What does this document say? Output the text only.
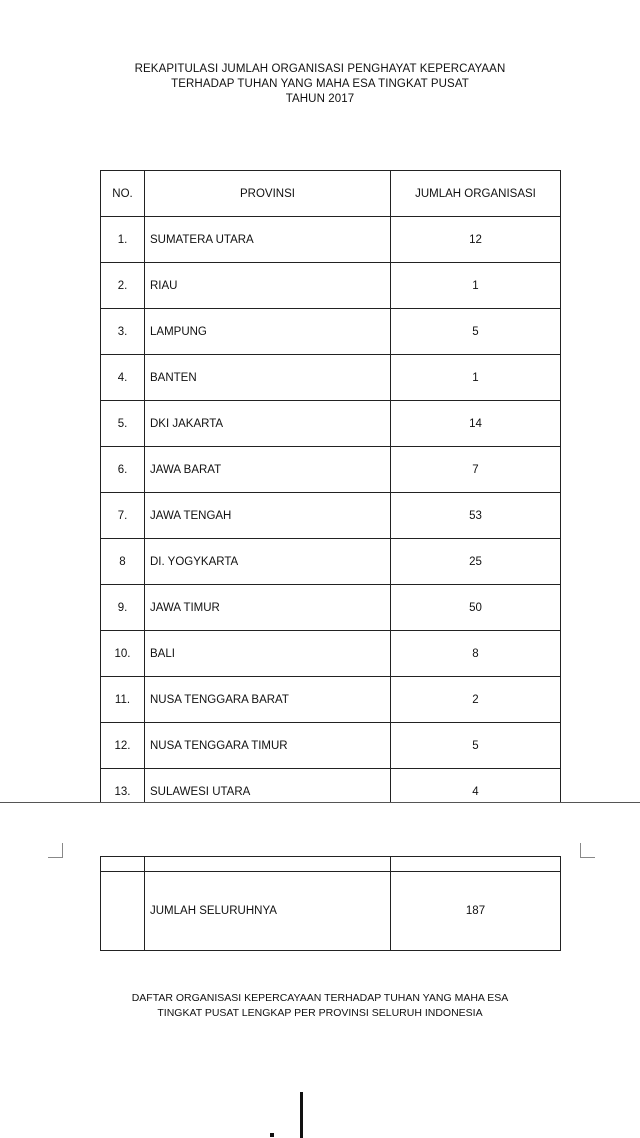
REKAPITULASI JUMLAH ORGANISASI PENGHAYAT KEPERCAYAAN
TERHADAP TUHAN YANG MAHA ESA TINGKAT PUSAT
TAHUN 2017
NO.	PROVINSI	JUMLAH ORGANISASI
1.	SUMATERA UTARA	12
2.	RIAU	1
3.	LAMPUNG	5
4.	BANTEN	1
5.	DKI JAKARTA	14
6.	JAWA BARAT	7
7.	JAWA TENGAH	53
8	DI. YOGYKARTA	25
9.	JAWA TIMUR	50
10.	BALI	8
11.	NUSA TENGGARA BARAT	2
12.	NUSA TENGGARA TIMUR	5
13.	SULAWESI UTARA	4

	JUMLAH SELURUHNYA	187
DAFTAR ORGANISASI KEPERCAYAAN TERHADAP TUHAN YANG MAHA ESA
TINGKAT PUSAT LENGKAP PER PROVINSI SELURUH INDONESIA
